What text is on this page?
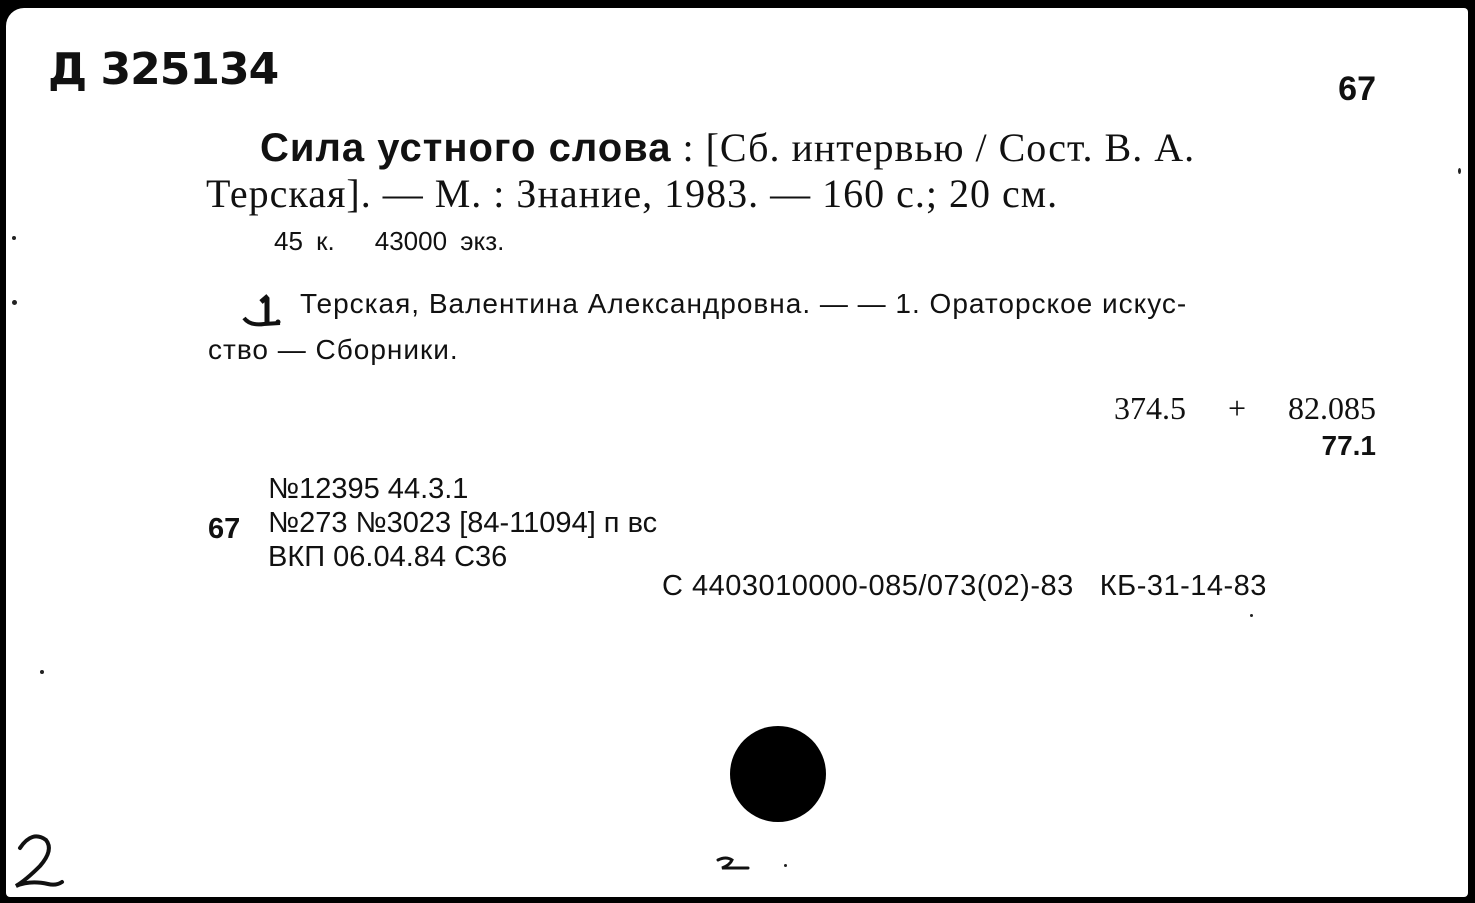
Д 325134	67
Сила устного слова : [Сб. интервью / Сост. В. А.
Терская]. — М. : Знание, 1983. — 160 с.; 20 см.
45 к. 43000 экз.
Терская, Валентина Александровна. — — 1. Ораторское искус-
ство — Сборники.
374.5 + 82.085
77.1
№12395 44.3.1
№273 №3023 [84-11094] п вс
ВКП 06.04.84 С36
67
С 4403010000-085/073(02)-83 КБ-31-14-83
